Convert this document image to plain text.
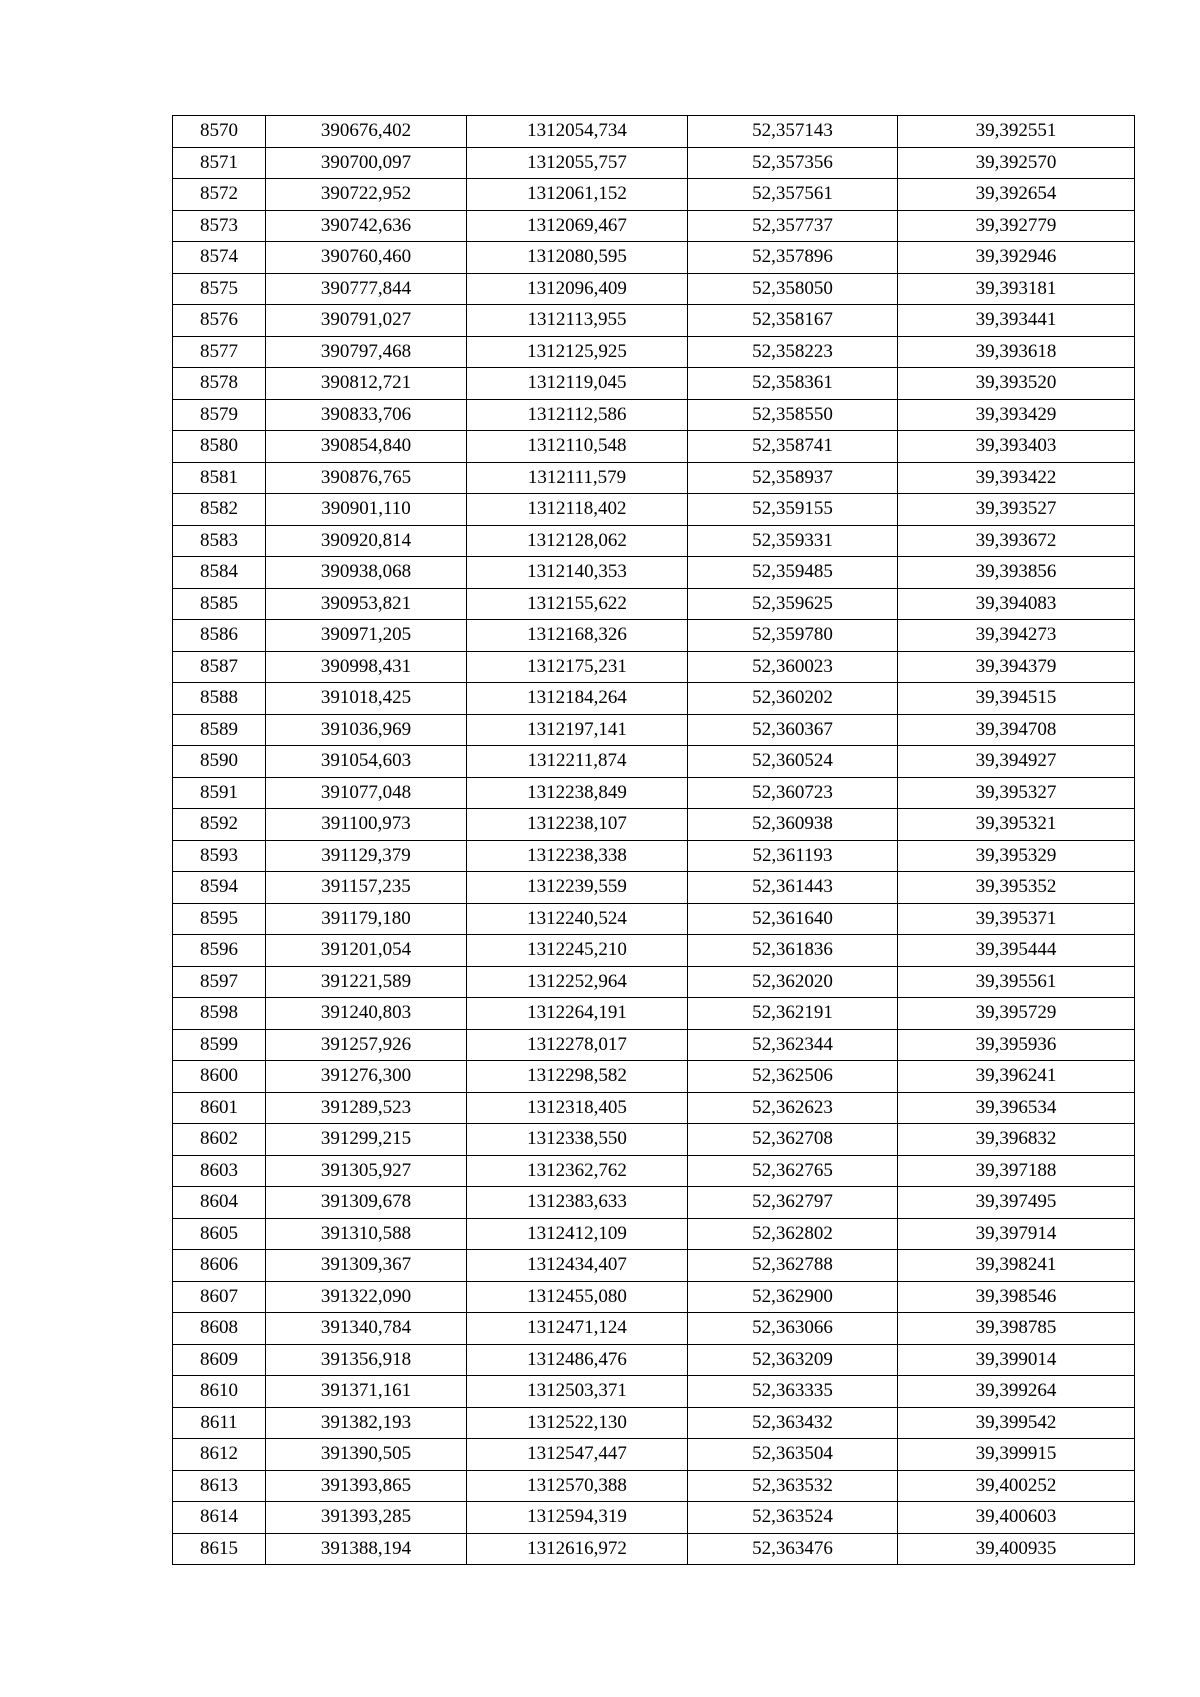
8570	390676,402	1312054,734	52,357143	39,392551
8571	390700,097	1312055,757	52,357356	39,392570
8572	390722,952	1312061,152	52,357561	39,392654
8573	390742,636	1312069,467	52,357737	39,392779
8574	390760,460	1312080,595	52,357896	39,392946
8575	390777,844	1312096,409	52,358050	39,393181
8576	390791,027	1312113,955	52,358167	39,393441
8577	390797,468	1312125,925	52,358223	39,393618
8578	390812,721	1312119,045	52,358361	39,393520
8579	390833,706	1312112,586	52,358550	39,393429
8580	390854,840	1312110,548	52,358741	39,393403
8581	390876,765	1312111,579	52,358937	39,393422
8582	390901,110	1312118,402	52,359155	39,393527
8583	390920,814	1312128,062	52,359331	39,393672
8584	390938,068	1312140,353	52,359485	39,393856
8585	390953,821	1312155,622	52,359625	39,394083
8586	390971,205	1312168,326	52,359780	39,394273
8587	390998,431	1312175,231	52,360023	39,394379
8588	391018,425	1312184,264	52,360202	39,394515
8589	391036,969	1312197,141	52,360367	39,394708
8590	391054,603	1312211,874	52,360524	39,394927
8591	391077,048	1312238,849	52,360723	39,395327
8592	391100,973	1312238,107	52,360938	39,395321
8593	391129,379	1312238,338	52,361193	39,395329
8594	391157,235	1312239,559	52,361443	39,395352
8595	391179,180	1312240,524	52,361640	39,395371
8596	391201,054	1312245,210	52,361836	39,395444
8597	391221,589	1312252,964	52,362020	39,395561
8598	391240,803	1312264,191	52,362191	39,395729
8599	391257,926	1312278,017	52,362344	39,395936
8600	391276,300	1312298,582	52,362506	39,396241
8601	391289,523	1312318,405	52,362623	39,396534
8602	391299,215	1312338,550	52,362708	39,396832
8603	391305,927	1312362,762	52,362765	39,397188
8604	391309,678	1312383,633	52,362797	39,397495
8605	391310,588	1312412,109	52,362802	39,397914
8606	391309,367	1312434,407	52,362788	39,398241
8607	391322,090	1312455,080	52,362900	39,398546
8608	391340,784	1312471,124	52,363066	39,398785
8609	391356,918	1312486,476	52,363209	39,399014
8610	391371,161	1312503,371	52,363335	39,399264
8611	391382,193	1312522,130	52,363432	39,399542
8612	391390,505	1312547,447	52,363504	39,399915
8613	391393,865	1312570,388	52,363532	39,400252
8614	391393,285	1312594,319	52,363524	39,400603
8615	391388,194	1312616,972	52,363476	39,400935
